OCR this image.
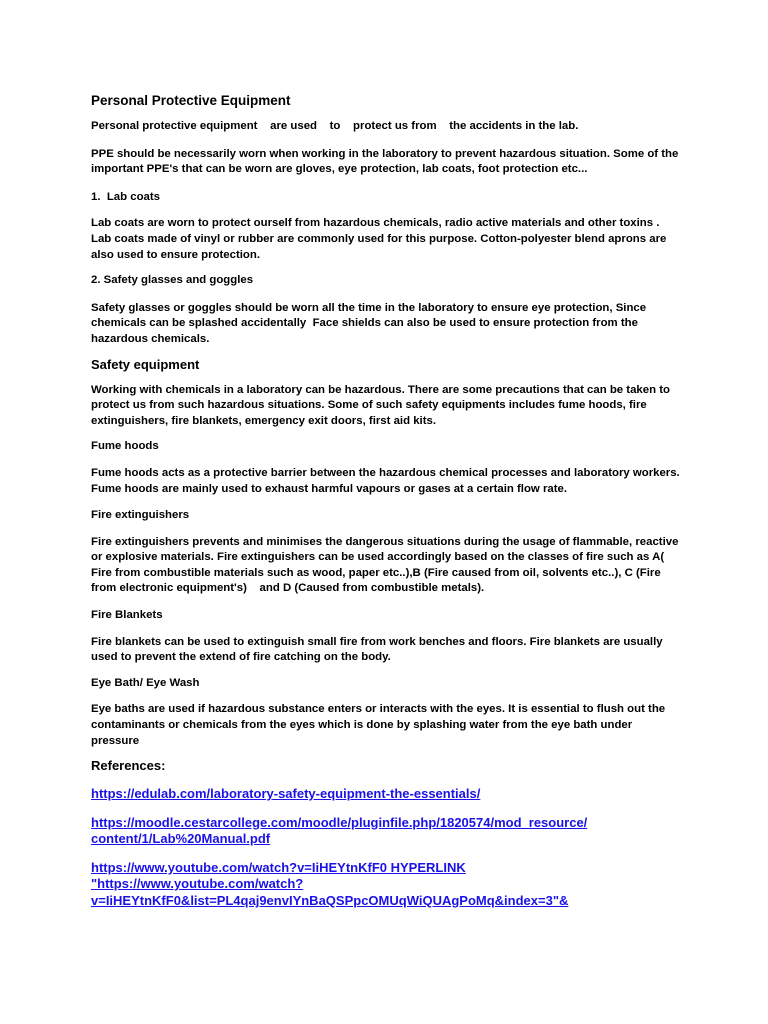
Personal Protective Equipment

Personal protective equipment    are used    to    protect us from    the accidents in the lab.

PPE should be necessarily worn when working in the laboratory to prevent hazardous situation. Some of the important PPE's that can be worn are gloves, eye protection, lab coats, foot protection etc...

1.  Lab coats

Lab coats are worn to protect ourself from hazardous chemicals, radio active materials and other toxins . Lab coats made of vinyl or rubber are commonly used for this purpose. Cotton-polyester blend aprons are also used to ensure protection.

2. Safety glasses and goggles

Safety glasses or goggles should be worn all the time in the laboratory to ensure eye protection, Since chemicals can be splashed accidentally  Face shields can also be used to ensure protection from the hazardous chemicals.

Safety equipment

Working with chemicals in a laboratory can be hazardous. There are some precautions that can be taken to protect us from such hazardous situations. Some of such safety equipments includes fume hoods, fire extinguishers, fire blankets, emergency exit doors, first aid kits.

Fume hoods

Fume hoods acts as a protective barrier between the hazardous chemical processes and laboratory workers. Fume hoods are mainly used to exhaust harmful vapours or gases at a certain flow rate.

Fire extinguishers

Fire extinguishers prevents and minimises the dangerous situations during the usage of flammable, reactive or explosive materials. Fire extinguishers can be used accordingly based on the classes of fire such as A( Fire from combustible materials such as wood, paper etc..),B (Fire caused from oil, solvents etc..), C (Fire from electronic equipment's)    and D (Caused from combustible metals).

Fire Blankets

Fire blankets can be used to extinguish small fire from work benches and floors. Fire blankets are usually used to prevent the extend of fire catching on the body.

Eye Bath/ Eye Wash

Eye baths are used if hazardous substance enters or interacts with the eyes. It is essential to flush out the contaminants or chemicals from the eyes which is done by splashing water from the eye bath under pressure

References:

https://edulab.com/laboratory-safety-equipment-the-essentials/
https://moodle.cestarcollege.com/moodle/pluginfile.php/1820574/mod_resource/
content/1/Lab%20Manual.pdf
https://www.youtube.com/watch?v=IiHEYtnKfF0 HYPERLINK
"https://www.youtube.com/watch?
v=IiHEYtnKfF0&list=PL4qaj9envIYnBaQSPpcOMUqWiQUAgPoMq&index=3"&
